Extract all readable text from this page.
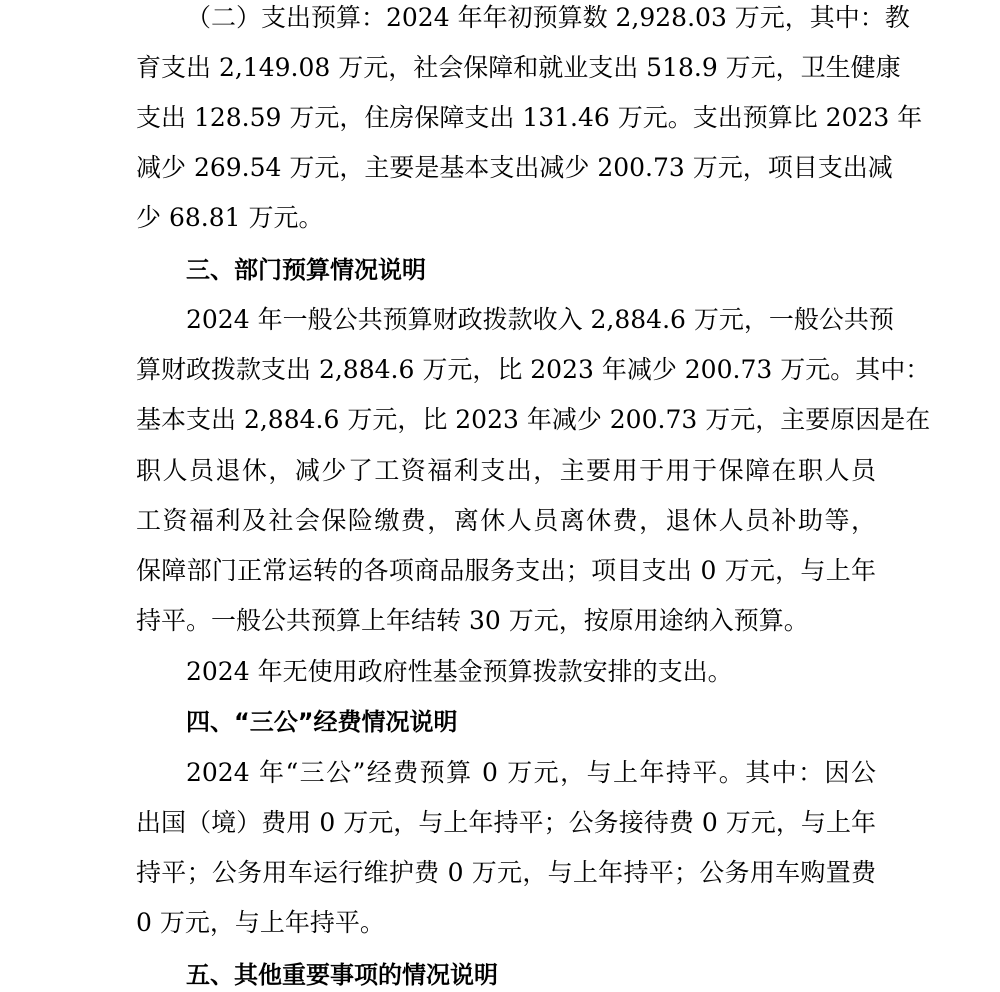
（二）支出预算：2024 年年初预算数 2,928.03 万元，其中：教
育支出 2,149.08 万元，社会保障和就业支出 518.9 万元，卫生健康
支出 128.59 万元，住房保障支出 131.46 万元。支出预算比 2023 年
减少 269.54 万元，主要是基本支出减少 200.73 万元，项目支出减
少 68.81 万元。
三、部门预算情况说明
2024 年一般公共预算财政拨款收入 2,884.6 万元，一般公共预
算财政拨款支出 2,884.6 万元，比 2023 年减少 200.73 万元。其中：
基本支出 2,884.6 万元，比 2023 年减少 200.73 万元，主要原因是在
职人员退休，减少了工资福利支出，主要用于用于保障在职人员
工资福利及社会保险缴费，离休人员离休费，退休人员补助等，
保障部门正常运转的各项商品服务支出；项目支出 0 万元，与上年
持平。一般公共预算上年结转 30 万元，按原用途纳入预算。
2024 年无使用政府性基金预算拨款安排的支出。
四、“三公”经费情况说明
2024 年“三公”经费预算 0 万元，与上年持平。其中：因公
出国（境）费用 0 万元，与上年持平；公务接待费 0 万元，与上年
持平；公务用车运行维护费 0 万元，与上年持平；公务用车购置费
0 万元，与上年持平。
五、其他重要事项的情况说明
